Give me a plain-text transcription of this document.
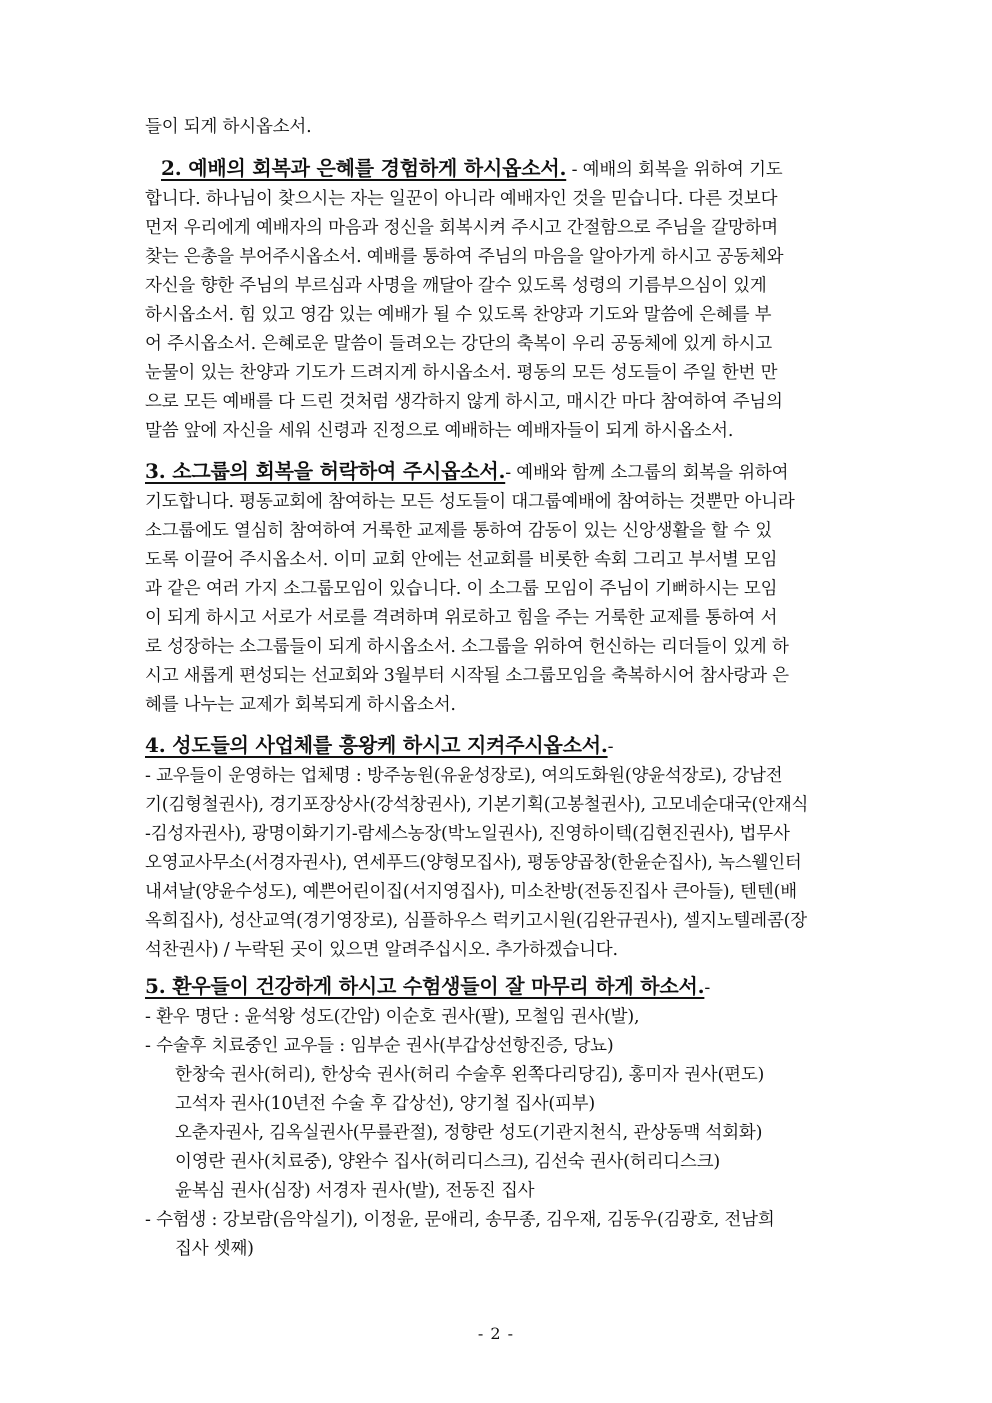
들이 되게 하시옵소서.
2. 예배의 회복과 은혜를 경험하게 하시옵소서. - 예배의 회복을 위하여 기도
합니다. 하나님이 찾으시는 자는 일꾼이 아니라 예배자인 것을 믿습니다. 다른 것보다
먼저 우리에게 예배자의 마음과 정신을 회복시켜 주시고 간절함으로 주님을 갈망하며
찾는 은총을 부어주시옵소서. 예배를 통하여 주님의 마음을 알아가게 하시고 공동체와
자신을 향한 주님의 부르심과 사명을 깨달아 갈수 있도록 성령의 기름부으심이 있게
하시옵소서. 힘 있고 영감 있는 예배가 될 수 있도록 찬양과 기도와 말씀에 은혜를 부
어 주시옵소서. 은혜로운 말씀이 들려오는 강단의 축복이 우리 공동체에 있게 하시고
눈물이 있는 찬양과 기도가 드려지게 하시옵소서. 평동의 모든 성도들이 주일 한번 만
으로 모든 예배를 다 드린 것처럼 생각하지 않게 하시고, 매시간 마다 참여하여 주님의
말씀 앞에 자신을 세워 신령과 진정으로 예배하는 예배자들이 되게 하시옵소서.
3. 소그룹의 회복을 허락하여 주시옵소서.- 예배와 함께 소그룹의 회복을 위하여
기도합니다. 평동교회에 참여하는 모든 성도들이 대그룹예배에 참여하는 것뿐만 아니라
소그룹에도 열심히 참여하여 거룩한 교제를 통하여 감동이 있는 신앙생활을 할 수 있
도록 이끌어 주시옵소서. 이미 교회 안에는 선교회를 비롯한 속회 그리고 부서별 모임
과 같은 여러 가지 소그룹모임이 있습니다. 이 소그룹 모임이 주님이 기뻐하시는 모임
이 되게 하시고 서로가 서로를 격려하며 위로하고 힘을 주는 거룩한 교제를 통하여 서
로 성장하는 소그룹들이 되게 하시옵소서. 소그룹을 위하여 헌신하는 리더들이 있게 하
시고 새롭게 편성되는 선교회와 3월부터 시작될 소그룹모임을 축복하시어 참사랑과 은
혜를 나누는 교제가 회복되게 하시옵소서.
4. 성도들의 사업체를 흥왕케 하시고 지켜주시옵소서.-
- 교우들이 운영하는 업체명 : 방주농원(유윤성장로), 여의도화원(양윤석장로), 강남전
기(김형철권사), 경기포장상사(강석창권사), 기본기획(고봉철권사), 고모네순대국(안재식
-김성자권사), 광명이화기기-람세스농장(박노일권사), 진영하이텍(김현진권사), 법무사
오영교사무소(서경자권사), 연세푸드(양형모집사), 평동양곱창(한윤순집사), 녹스웰인터
내셔날(양윤수성도), 예쁜어린이집(서지영집사), 미소찬방(전동진집사 큰아들), 텐텐(배
옥희집사), 성산교역(경기영장로), 심플하우스 럭키고시원(김완규권사), 셀지노텔레콤(장
석찬권사) / 누락된 곳이 있으면 알려주십시오. 추가하겠습니다.
5. 환우들이 건강하게 하시고 수험생들이 잘 마무리 하게 하소서.-
- 환우 명단 : 윤석왕 성도(간암) 이순호 권사(팔), 모철임 권사(발),
- 수술후 치료중인 교우들 : 임부순 권사(부갑상선항진증, 당뇨)
한창숙 권사(허리), 한상숙 권사(허리 수술후 왼쪽다리당김), 홍미자 권사(편도)
고석자 권사(10년전 수술 후 갑상선), 양기철 집사(피부)
오춘자권사, 김옥실권사(무릎관절), 정향란 성도(기관지천식, 관상동맥 석회화)
이영란 권사(치료중), 양완수 집사(허리디스크), 김선숙 권사(허리디스크)
윤복심 권사(심장) 서경자 권사(발), 전동진 집사
- 수험생 : 강보람(음악실기), 이정윤, 문애리, 송무종, 김우재, 김동우(김광호, 전남희
집사 셋째)
- 2 -
